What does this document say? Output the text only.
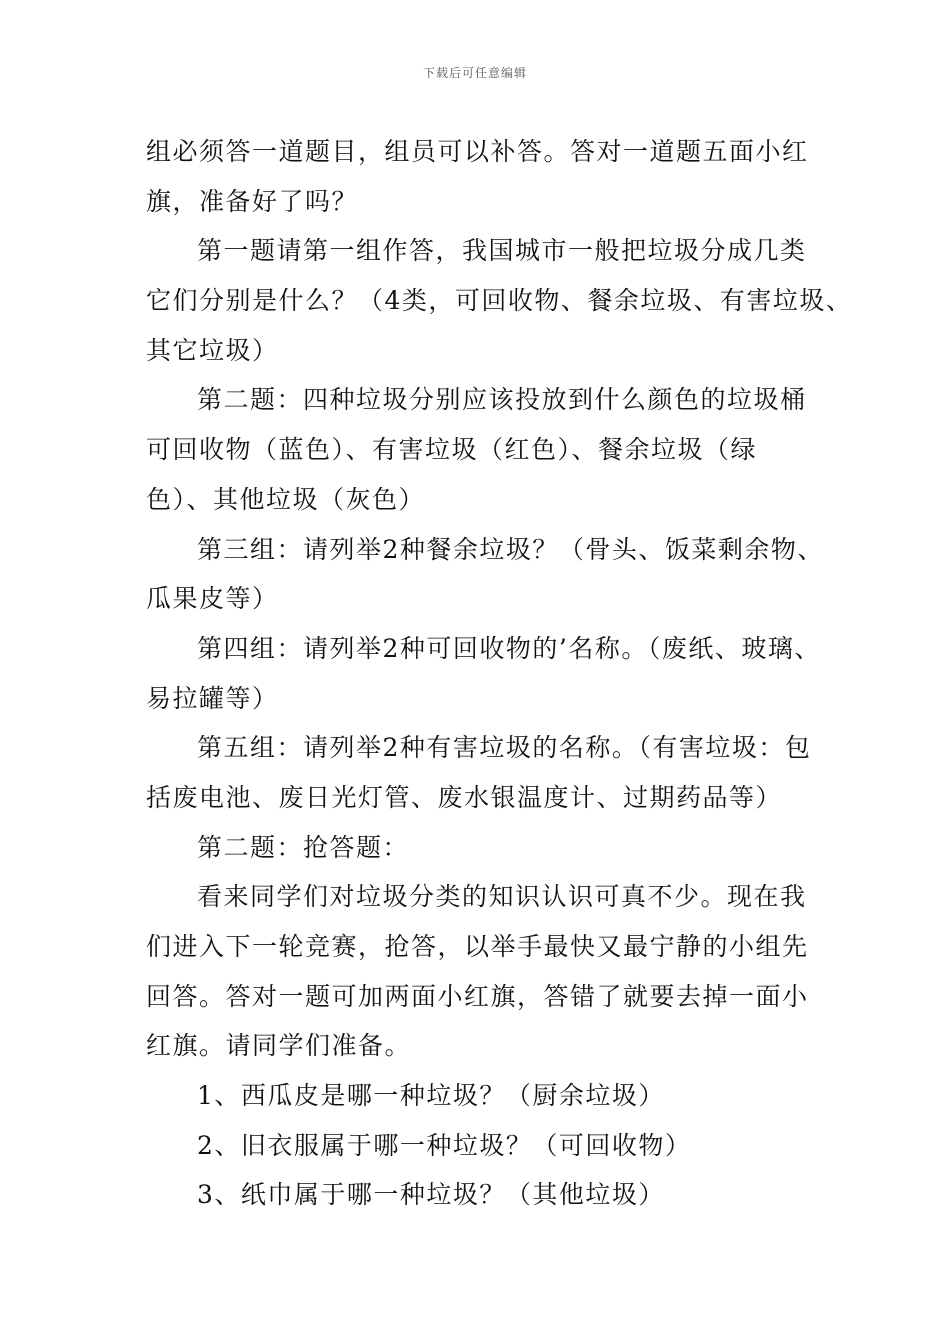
下载后可任意编辑
组必须答一道题目，组员可以补答。答对一道题五面小红
旗，准备好了吗？
第一题请第一组作答，我国城市一般把垃圾分成几类
它们分别是什么？（4类，可回收物、餐余垃圾、有害垃圾、
其它垃圾）
第二题：四种垃圾分别应该投放到什么颜色的垃圾桶
可回收物（蓝色）、有害垃圾（红色）、餐余垃圾（绿
色）、其他垃圾（灰色）
第三组：请列举2种餐余垃圾？（骨头、饭菜剩余物、
瓜果皮等）
第四组：请列举2种可回收物的’名称。（废纸、玻璃、
易拉罐等）
第五组：请列举2种有害垃圾的名称。（有害垃圾：包
括废电池、废日光灯管、废水银温度计、过期药品等）
第二题：抢答题：
看来同学们对垃圾分类的知识认识可真不少。现在我
们进入下一轮竞赛，抢答，以举手最快又最宁静的小组先
回答。答对一题可加两面小红旗，答错了就要去掉一面小
红旗。请同学们准备。
1、西瓜皮是哪一种垃圾？（厨余垃圾）
2、旧衣服属于哪一种垃圾？（可回收物）
3、纸巾属于哪一种垃圾？（其他垃圾）
